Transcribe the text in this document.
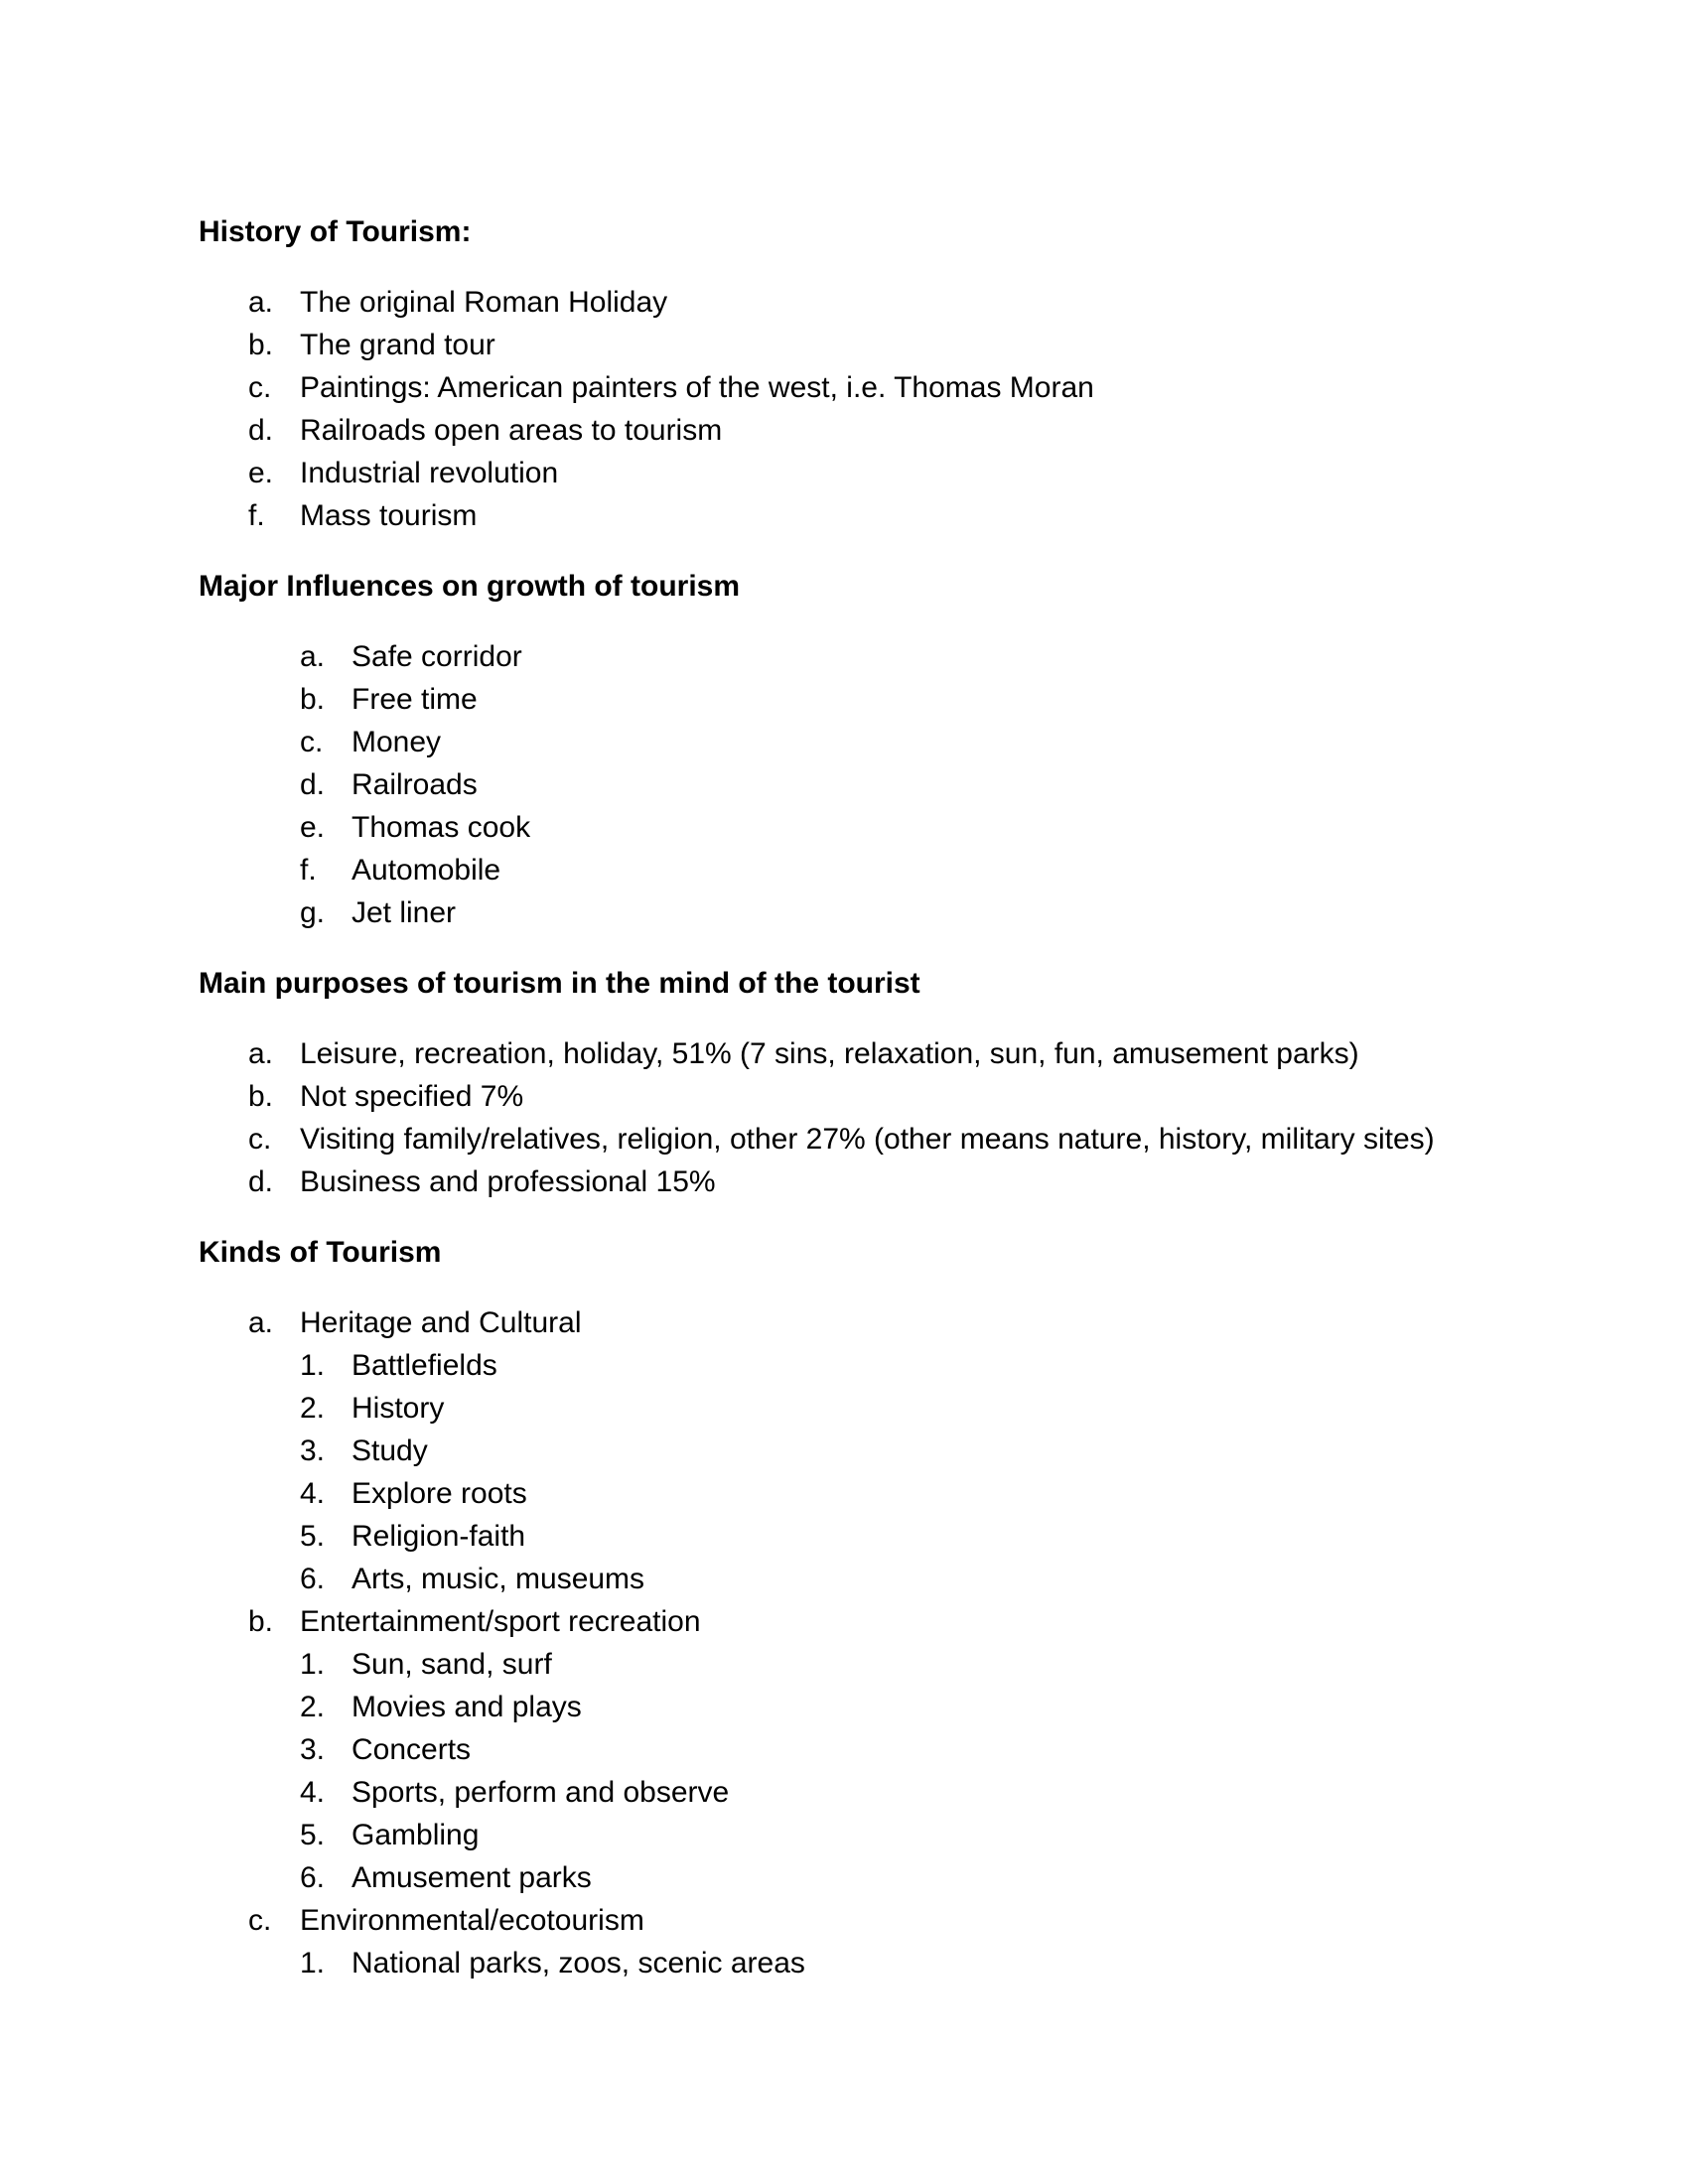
History of Tourism:
a. The original Roman Holiday
b. The grand tour
c. Paintings: American painters of the west, i.e. Thomas Moran
d. Railroads open areas to tourism
e. Industrial revolution
f.	Mass tourism
Major Influences on growth of tourism
a. Safe corridor
b. Free time
c. Money
d. Railroads
e. Thomas cook
f.	Automobile
g. Jet liner
Main purposes of tourism in the mind of the tourist
a. Leisure, recreation, holiday, 51% (7 sins, relaxation, sun, fun, amusement parks)
b. Not specified 7%
c. Visiting family/relatives, religion, other 27% (other means nature, history, military sites)
d. Business and professional 15%
Kinds of Tourism
a. Heritage and Cultural
1. Battlefields
2. History
3. Study
4. Explore roots
5. Religion-faith
6. Arts, music, museums
b. Entertainment/sport recreation
1. Sun, sand, surf
2. Movies and plays
3. Concerts
4. Sports, perform and observe
5. Gambling
6. Amusement parks
c. Environmental/ecotourism
1. National parks, zoos, scenic areas
